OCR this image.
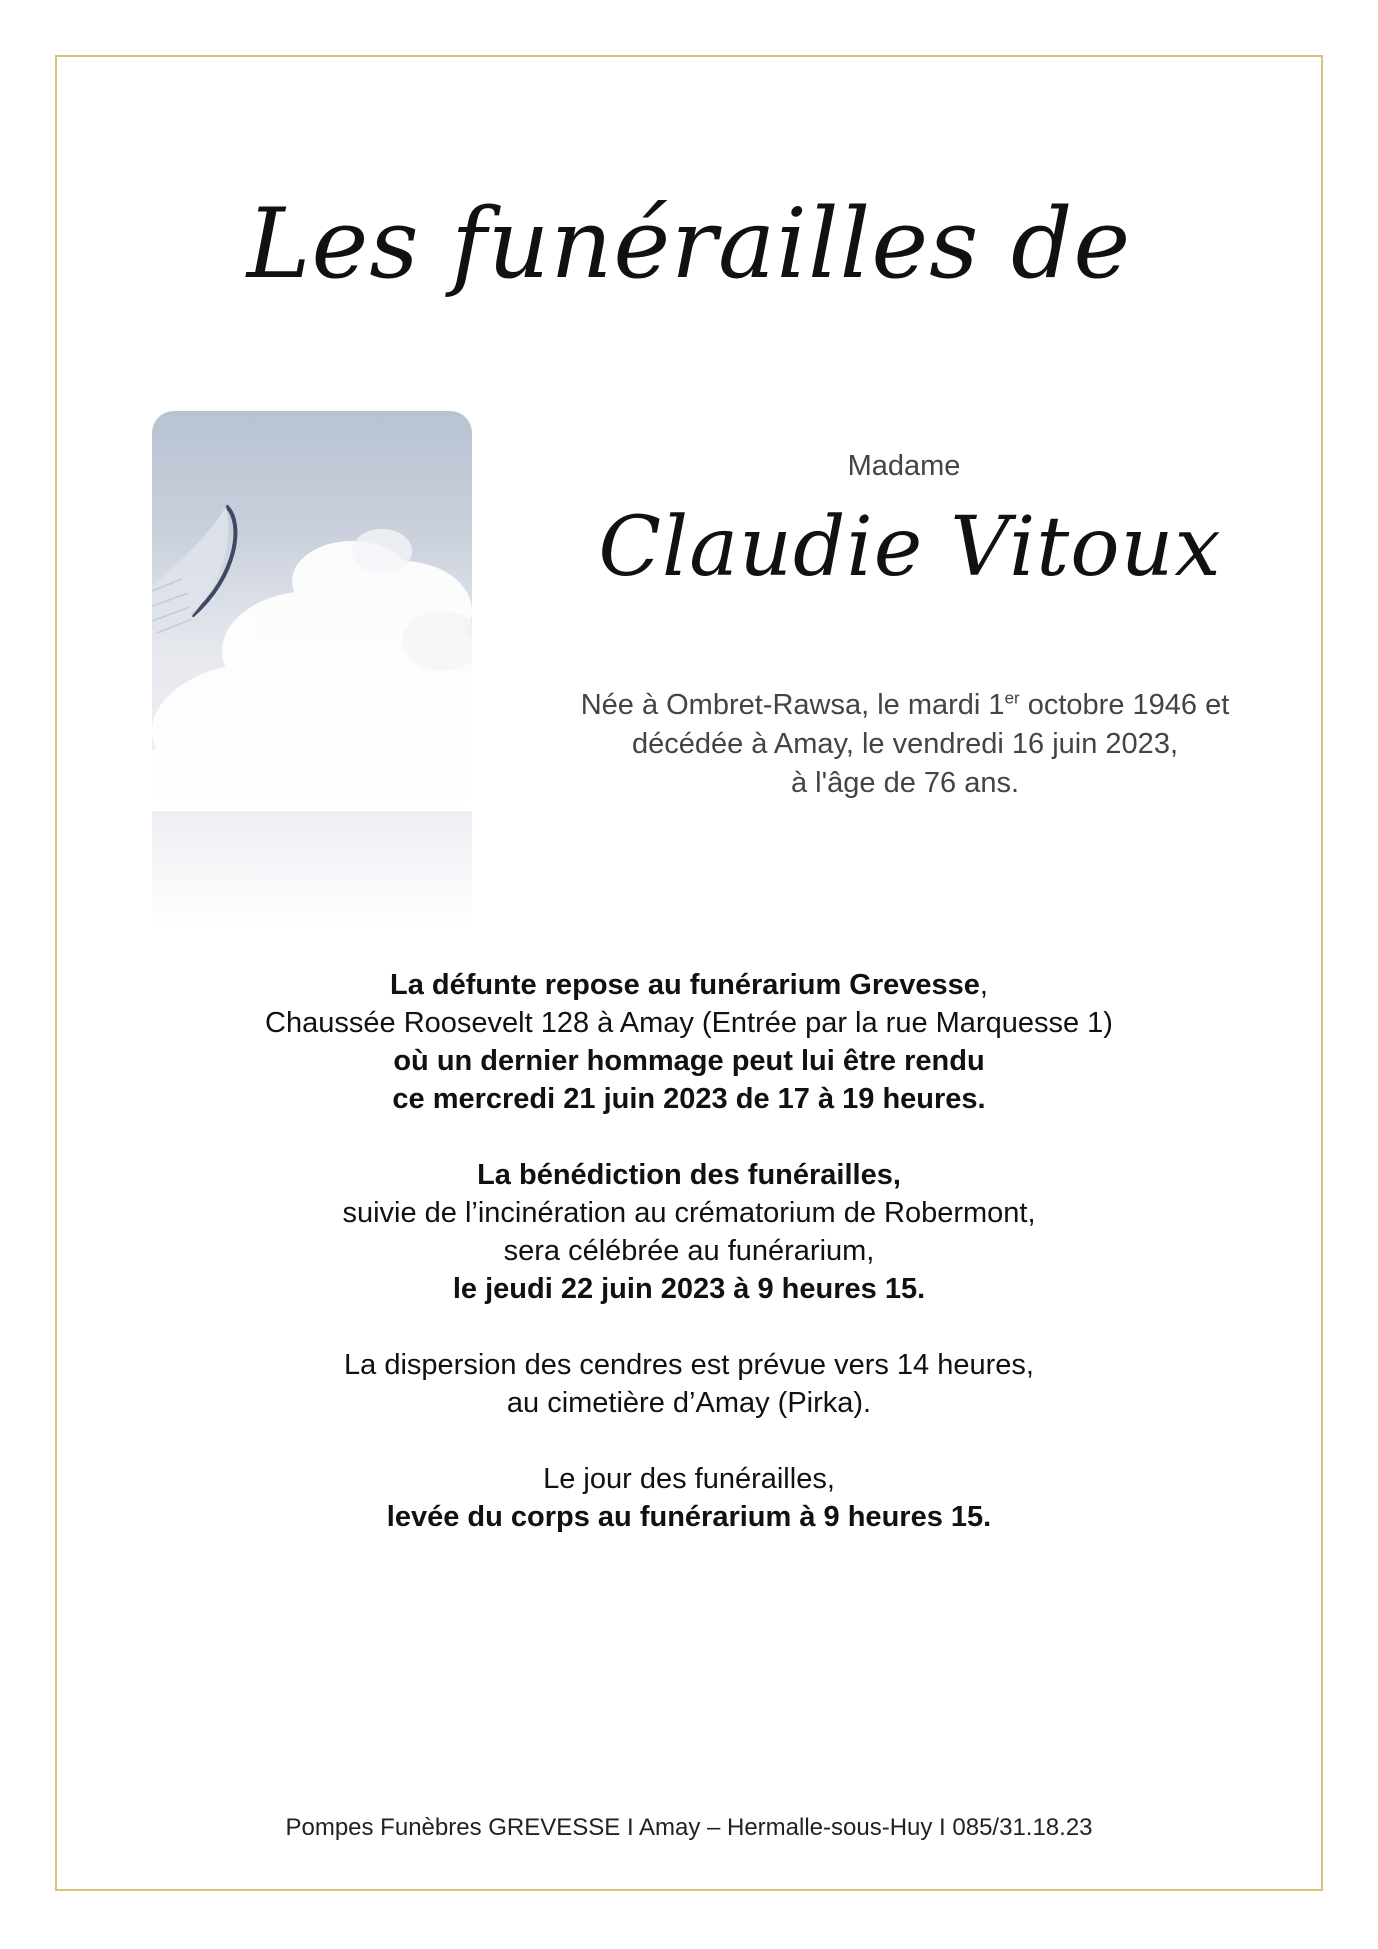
Les funérailles de
Madame
Claudie Vitoux
Née à Ombret-Rawsa, le mardi 1er octobre 1946 et
décédée à Amay, le vendredi 16 juin 2023,
à l'âge de 76 ans.

La défunte repose au funérarium Grevesse,
Chaussée Roosevelt 128 à Amay (Entrée par la rue Marquesse 1)
où un dernier hommage peut lui être rendu
ce mercredi 21 juin 2023 de 17 à 19 heures.

La bénédiction des funérailles,
suivie de l’incinération au crématorium de Robermont,
sera célébrée au funérarium,
le jeudi 22 juin 2023 à 9 heures 15.

La dispersion des cendres est prévue vers 14 heures,
au cimetière d’Amay (Pirka).

Le jour des funérailles,
levée du corps au funérarium à 9 heures 15.

Pompes Funèbres GREVESSE I Amay – Hermalle-sous-Huy I 085/31.18.23
